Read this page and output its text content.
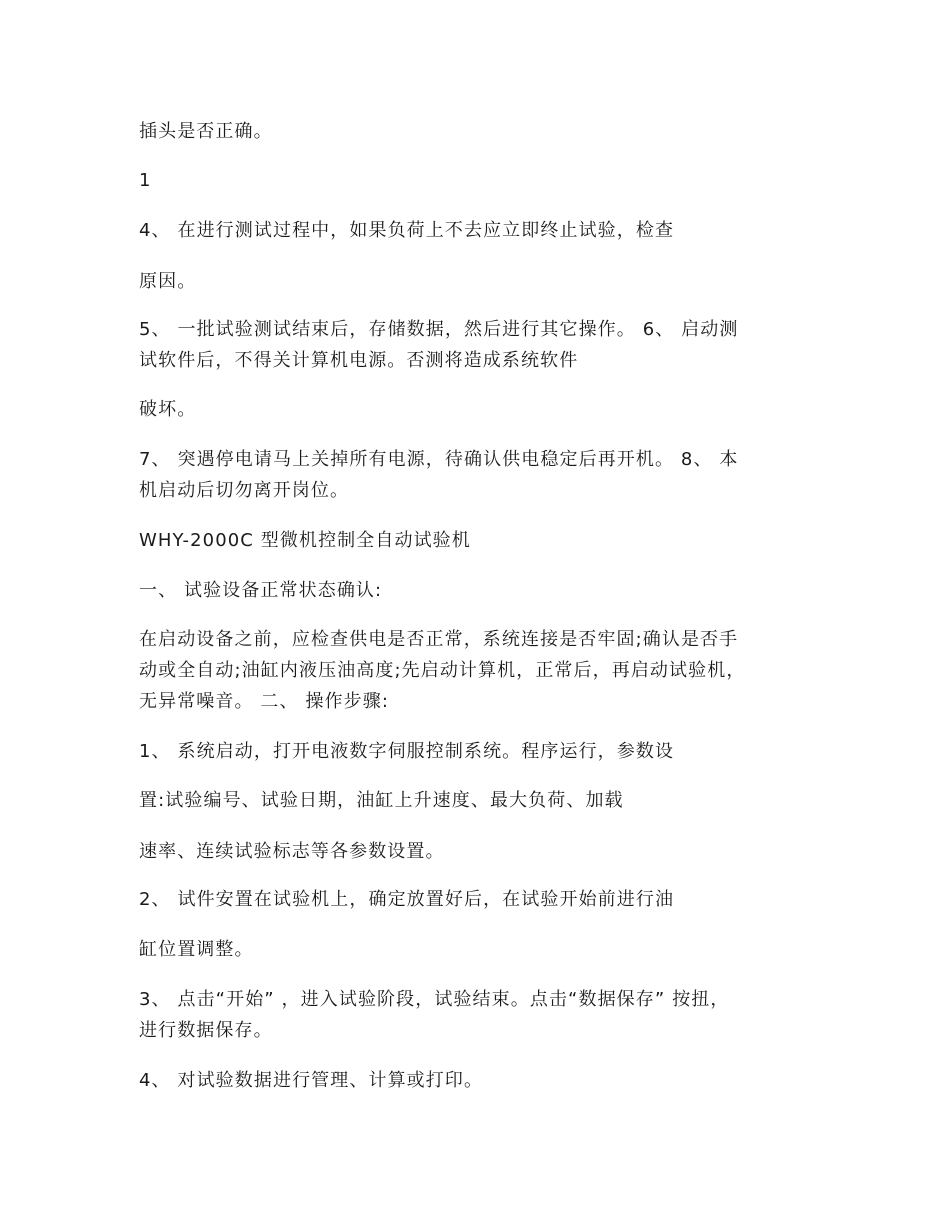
插头是否正确。

1

4、 在进行测试过程中，如果负荷上不去应立即终止试验，检查

原因。

5、 一批试验测试结束后，存储数据，然后进行其它操作。 6、 启动测
试软件后，不得关计算机电源。否测将造成系统软件

破坏。

7、 突遇停电请马上关掉所有电源，待确认供电稳定后再开机。 8、 本
机启动后切勿离开岗位。

WHY-2000C 型微机控制全自动试验机

一、 试验设备正常状态确认:

在启动设备之前，应检查供电是否正常，系统连接是否牢固;确认是否手
动或全自动;油缸内液压油高度;先启动计算机，正常后，再启动试验机，
无异常噪音。 二、 操作步骤:

1、 系统启动，打开电液数字伺服控制系统。程序运行，参数设

置:试验编号、试验日期，油缸上升速度、最大负荷、加载

速率、连续试验标志等各参数设置。

2、 试件安置在试验机上，确定放置好后，在试验开始前进行油

缸位置调整。

3、 点击“开始” ，进入试验阶段，试验结束。点击“数据保存” 按扭，
进行数据保存。

4、 对试验数据进行管理、计算或打印。
